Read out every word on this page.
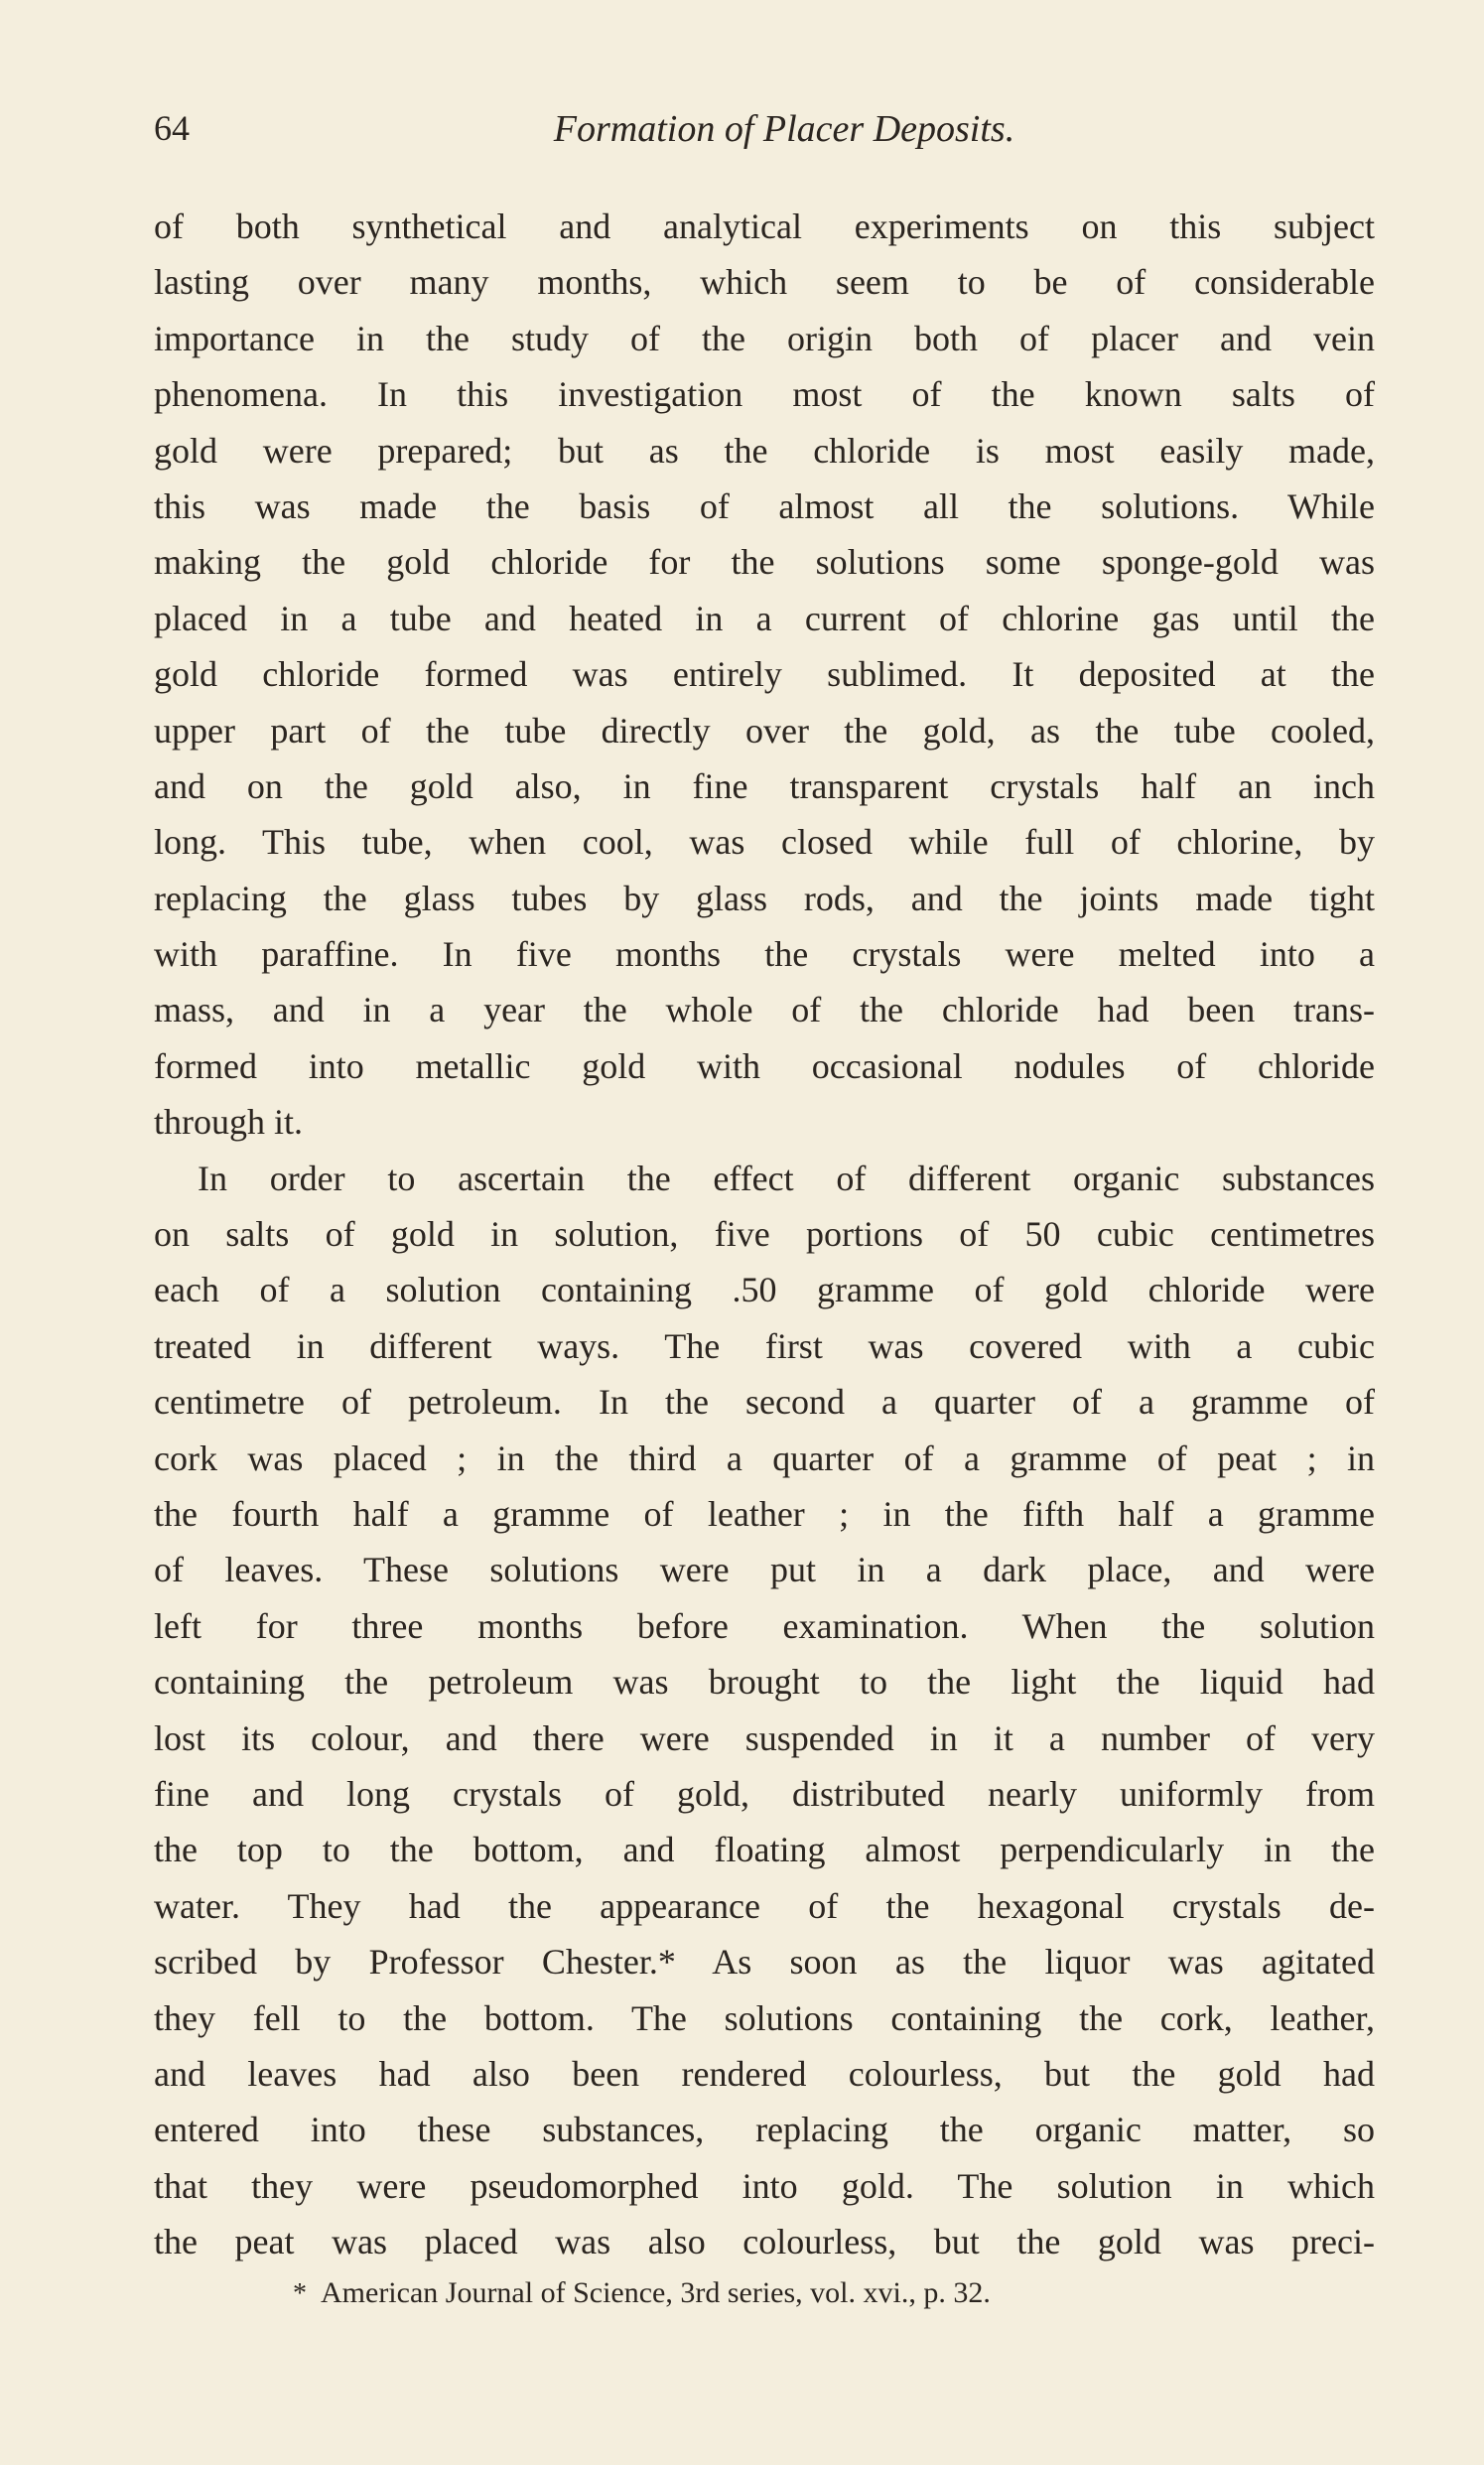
64	Formation of Placer Deposits.
of both synthetical and analytical experiments on this subject
lasting over many months, which seem to be of considerable
importance in the study of the origin both of placer and vein
phenomena. In this investigation most of the known salts of
gold were prepared; but as the chloride is most easily made,
this was made the basis of almost all the solutions. While
making the gold chloride for the solutions some sponge-gold was
placed in a tube and heated in a current of chlorine gas until the
gold chloride formed was entirely sublimed. It deposited at the
upper part of the tube directly over the gold, as the tube cooled,
and on the gold also, in fine transparent crystals half an inch
long. This tube, when cool, was closed while full of chlorine, by
replacing the glass tubes by glass rods, and the joints made tight
with paraffine. In five months the crystals were melted into a
mass, and in a year the whole of the chloride had been trans-
formed into metallic gold with occasional nodules of chloride
through it.
In order to ascertain the effect of different organic substances
on salts of gold in solution, five portions of 50 cubic centimetres
each of a solution containing .50 gramme of gold chloride were
treated in different ways. The first was covered with a cubic
centimetre of petroleum. In the second a quarter of a gramme of
cork was placed ; in the third a quarter of a gramme of peat ; in
the fourth half a gramme of leather ; in the fifth half a gramme
of leaves. These solutions were put in a dark place, and were
left for three months before examination. When the solution
containing the petroleum was brought to the light the liquid had
lost its colour, and there were suspended in it a number of very
fine and long crystals of gold, distributed nearly uniformly from
the top to the bottom, and floating almost perpendicularly in the
water. They had the appearance of the hexagonal crystals de-
scribed by Professor Chester.* As soon as the liquor was agitated
they fell to the bottom. The solutions containing the cork, leather,
and leaves had also been rendered colourless, but the gold had
entered into these substances, replacing the organic matter, so
that they were pseudomorphed into gold. The solution in which
the peat was placed was also colourless, but the gold was preci-
* American Journal of Science, 3rd series, vol. xvi., p. 32.
